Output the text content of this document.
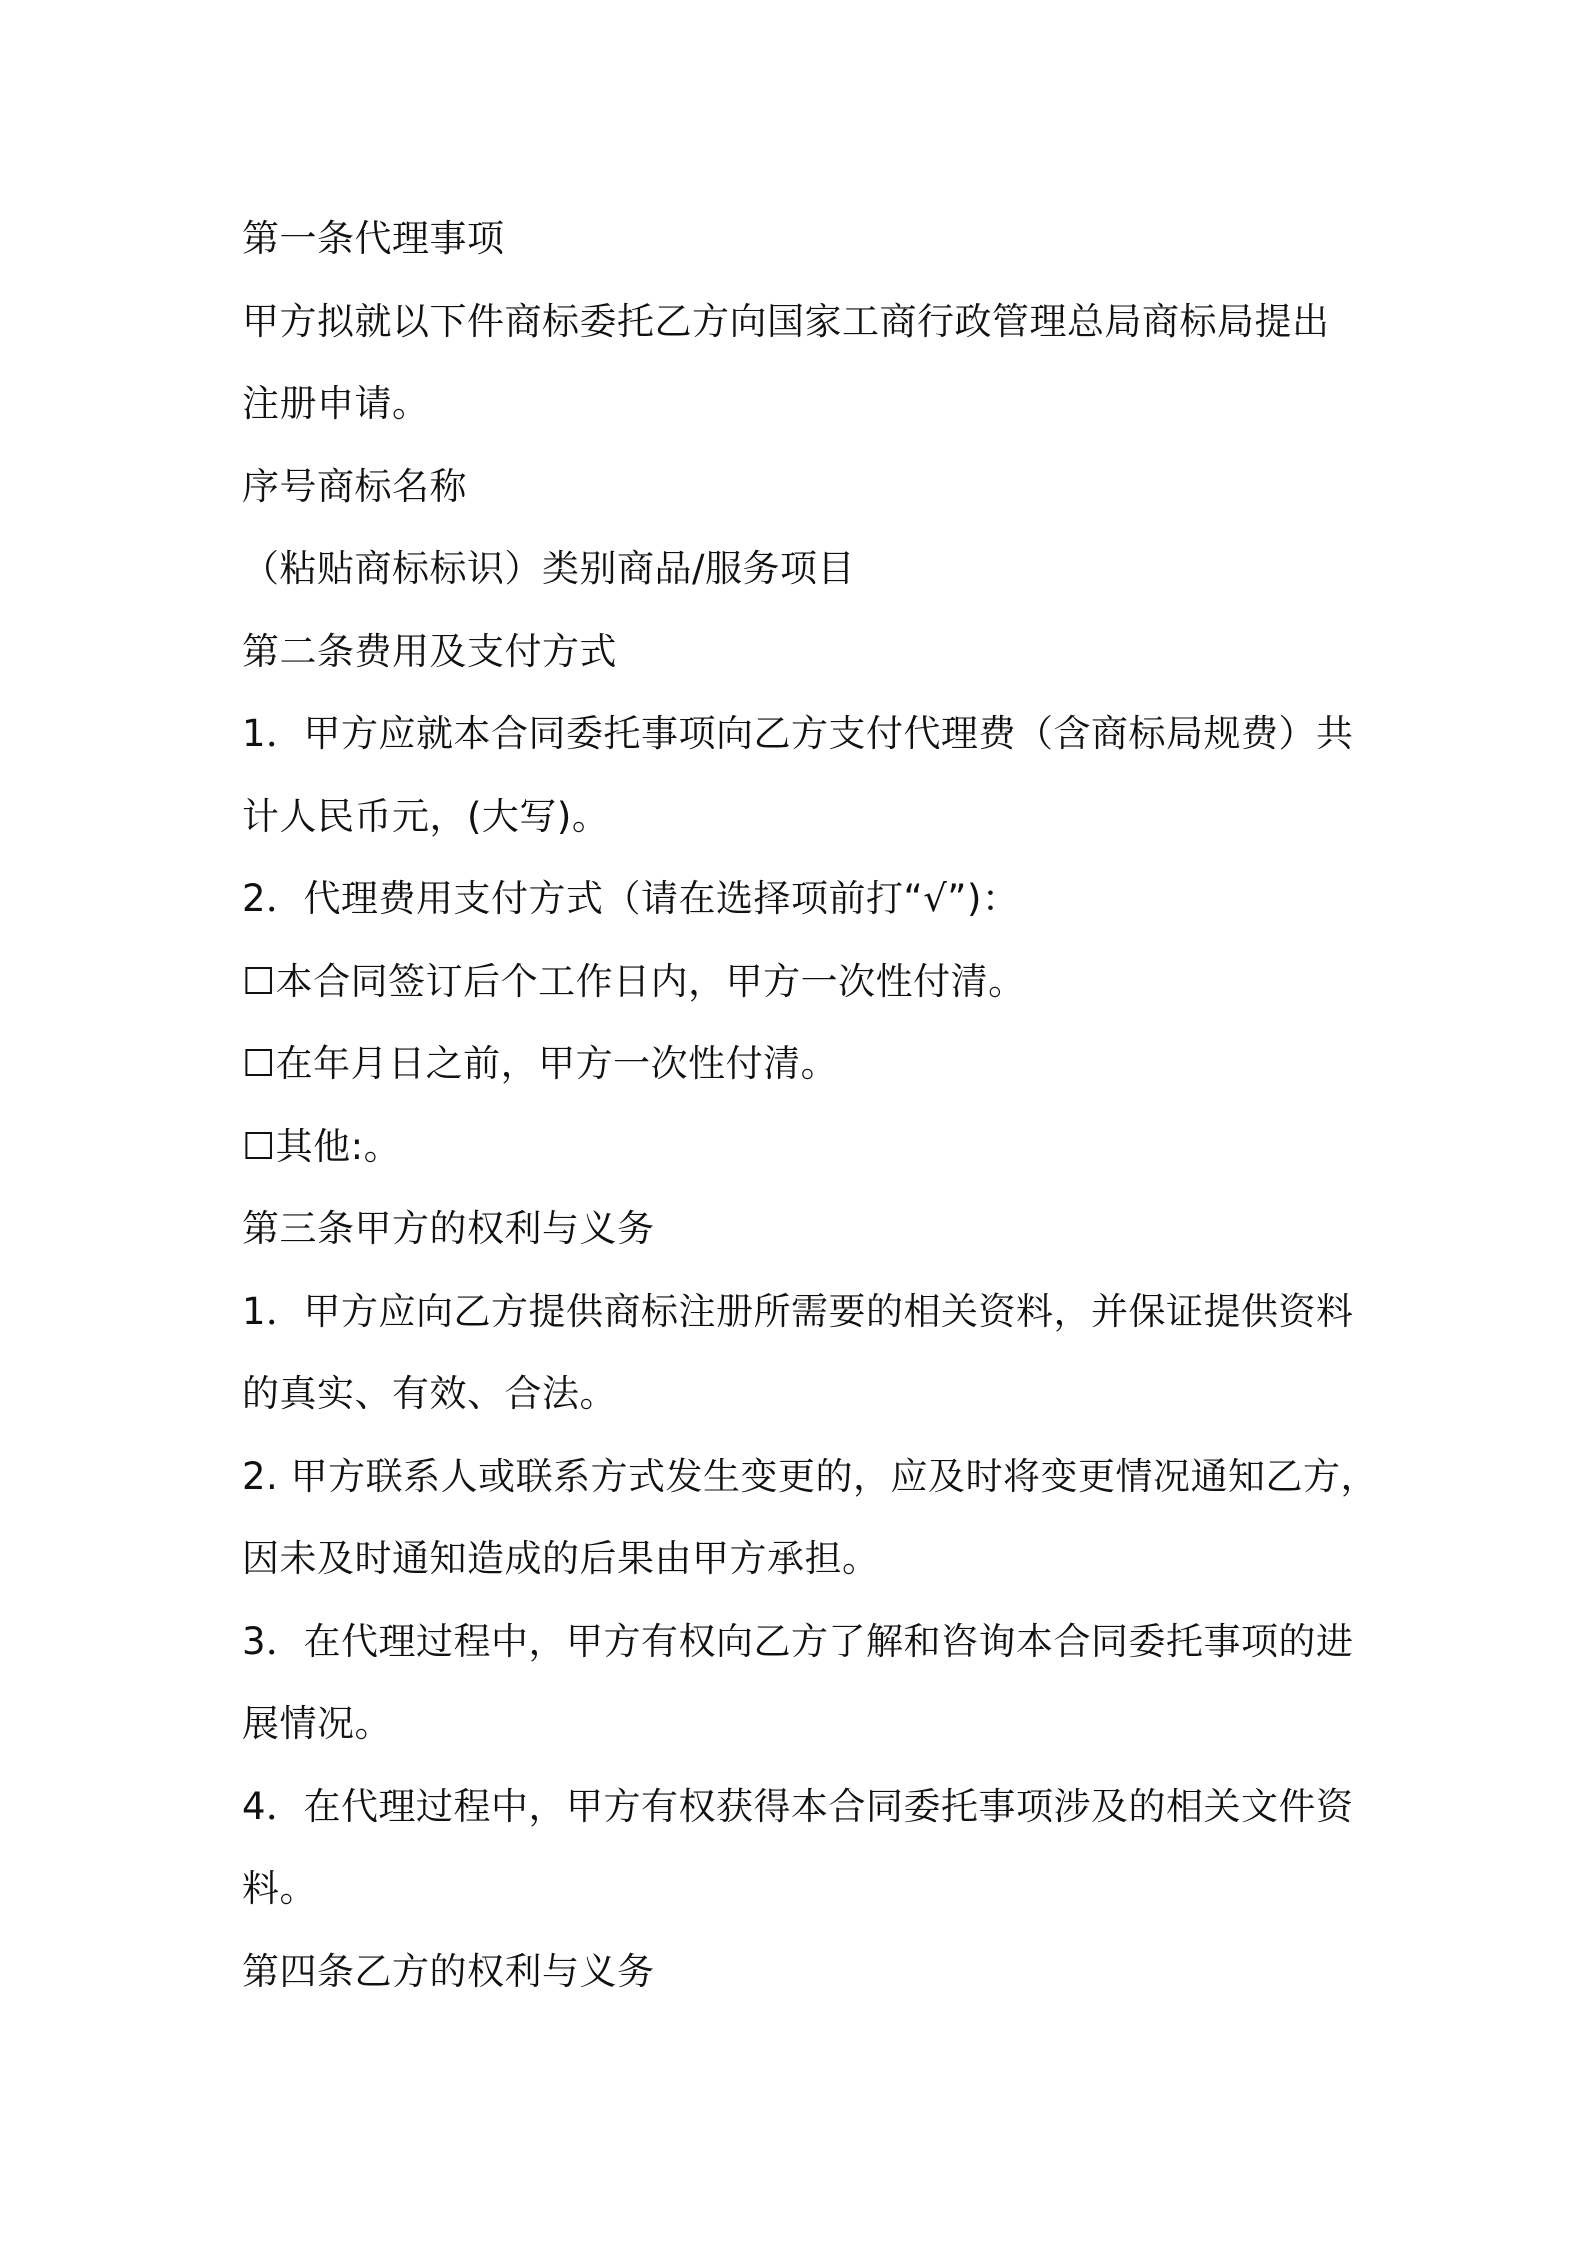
第一条代理事项
甲方拟就以下件商标委托乙方向国家工商行政管理总局商标局提出
注册申请。
序号商标名称
（粘贴商标标识）类别商品/服务项目
第二条费用及支付方式
1．甲方应就本合同委托事项向乙方支付代理费（含商标局规费）共
计人民币元，(大写)。
2．代理费用支付方式（请在选择项前打“√”)：
☐本合同签订后个工作日内，甲方一次性付清。
☐在年月日之前，甲方一次性付清。
☐其他:。
第三条甲方的权利与义务
1．甲方应向乙方提供商标注册所需要的相关资料，并保证提供资料
的真实、有效、合法。
2. 甲方联系人或联系方式发生变更的，应及时将变更情况通知乙方，
因未及时通知造成的后果由甲方承担。
3．在代理过程中，甲方有权向乙方了解和咨询本合同委托事项的进
展情况。
4．在代理过程中，甲方有权获得本合同委托事项涉及的相关文件资
料。
第四条乙方的权利与义务
